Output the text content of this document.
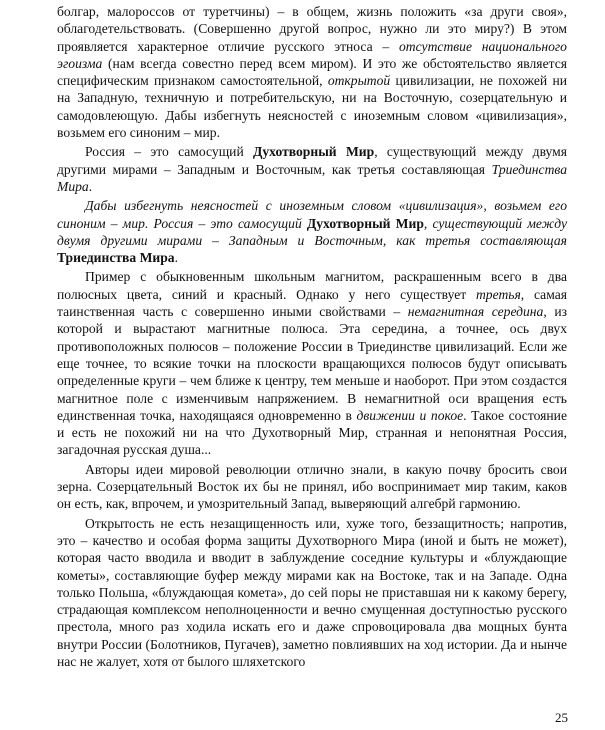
болгар, малороссов от туретчины) – в общем, жизнь положить «за други своя», облагодетельствовать. (Совершенно другой вопрос, нужно ли это миру?) В этом проявляется характерное отличие русского этноса – отсутствие национального эгоизма (нам всегда совестно перед всем миром). И это же обстоятельство является специфическим признаком самостоятельной, открытой цивилизации, не похожей ни на Западную, техничную и потребительскую, ни на Восточную, созерцательную и самодовлеющую. Дабы избегнуть неясностей с иноземным словом «цивилизация», возьмем его синоним – мир.

Россия – это самосущий Духотворный Мир, существующий между двумя другими мирами – Западным и Восточным, как третья составляющая Триединства Мира.

Дабы избегнуть неясностей с иноземным словом «цивилизация», возьмем его синоним – мир. Россия – это самосущий Духотворный Мир, существующий между двумя другими мирами – Западным и Восточным, как третья составляющая Триединства Мира.

Пример с обыкновенным школьным магнитом, раскрашенным всего в два полюсных цвета, синий и красный. Однако у него существует третья, самая таинственная часть с совершенно иными свойствами – немагнитная середина, из которой и вырастают магнитные полюса. Эта середина, а точнее, ось двух противоположных полюсов – положение России в Триединстве цивилизаций. Если же еще точнее, то всякие точки на плоскости вращающихся полюсов будут описывать определенные круги – чем ближе к центру, тем меньше и наоборот. При этом создастся магнитное поле с изменчивым напряжением. В немагнитной оси вращения есть единственная точка, находящаяся одновременно в движении и покое. Такое состояние и есть не похожий ни на что Духотворный Мир, странная и непонятная Россия, загадочная русская душа...

Авторы идеи мировой революции отлично знали, в какую почву бросить свои зерна. Созерцательный Восток их бы не принял, ибо воспринимает мир таким, каков он есть, как, впрочем, и умозрительный Запад, выверяющий алгебрй гармонию.

Открытость не есть незащищенность или, хуже того, беззащитность; напротив, это – качество и особая форма защиты Духотворного Мира (иной и быть не может), которая часто вводила и вводит в заблуждение соседние культуры и «блуждающие кометы», составляющие буфер между мирами как на Востоке, так и на Западе. Одна только Польша, «блуждающая комета», до сей поры не приставшая ни к какому берегу, страдающая комплексом неполноценности и вечно смущенная доступностью русского престола, много раз ходила искать его и даже спровоцировала два мощных бунта внутри России (Болотников, Пугачев), заметно повлиявших на ход истории. Да и нынче нас не жалует, хотя от былого шляхетского

25
